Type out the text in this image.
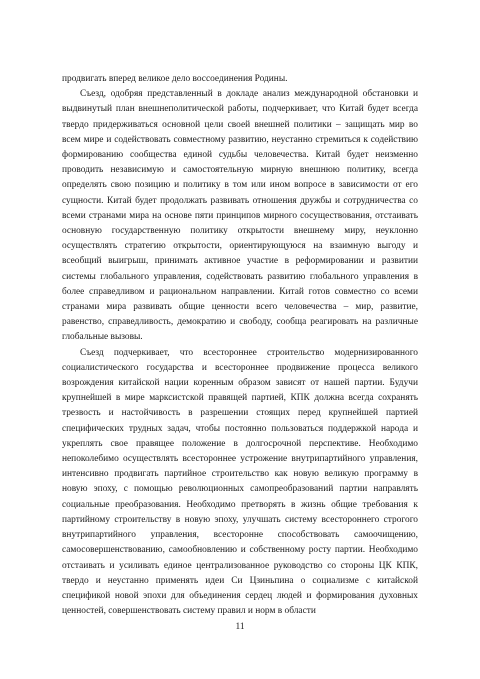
продвигать вперед великое дело воссоединения Родины.

Съезд, одобряя представленный в докладе анализ международной обстановки и выдвинутый план внешнеполитической работы, подчеркивает, что Китай будет всегда твердо придерживаться основной цели своей внешней политики – защищать мир во всем мире и содействовать совместному развитию, неустанно стремиться к содействию формированию сообщества единой судьбы человечества. Китай будет неизменно проводить независимую и самостоятельную мирную внешнюю политику, всегда определять свою позицию и политику в том или ином вопросе в зависимости от его сущности. Китай будет продолжать развивать отношения дружбы и сотрудничества со всеми странами мира на основе пяти принципов мирного сосуществования, отстаивать основную государственную политику открытости внешнему миру, неуклонно осуществлять стратегию открытости, ориентирующуюся на взаимную выгоду и всеобщий выигрыш, принимать активное участие в реформировании и развитии системы глобального управления, содействовать развитию глобального управления в более справедливом и рациональном направлении. Китай готов совместно со всеми странами мира развивать общие ценности всего человечества – мир, развитие, равенство, справедливость, демократию и свободу, сообща реагировать на различные глобальные вызовы.

Съезд подчеркивает, что всестороннее строительство модернизированного социалистического государства и всестороннее продвижение процесса великого возрождения китайской нации коренным образом зависят от нашей партии. Будучи крупнейшей в мире марксистской правящей партией, КПК должна всегда сохранять трезвость и настойчивость в разрешении стоящих перед крупнейшей партией специфических трудных задач, чтобы постоянно пользоваться поддержкой народа и укреплять свое правящее положение в долгосрочной перспективе. Необходимо непоколебимо осуществлять всестороннее устрожение внутрипартийного управления, интенсивно продвигать партийное строительство как новую великую программу в новую эпоху, с помощью революционных самопреобразований партии направлять социальные преобразования. Необходимо претворять в жизнь общие требования к партийному строительству в новую эпоху, улучшать систему всестороннего строгого внутрипартийного управления, всесторонне способствовать самоочищению, самосовершенствованию, самообновлению и собственному росту партии. Необходимо отстаивать и усиливать единое централизованное руководство со стороны ЦК КПК, твердо и неустанно применять идеи Си Цзиньпина о социализме с китайской спецификой новой эпохи для объединения сердец людей и формирования духовных ценностей, совершенствовать систему правил и норм в области

11
